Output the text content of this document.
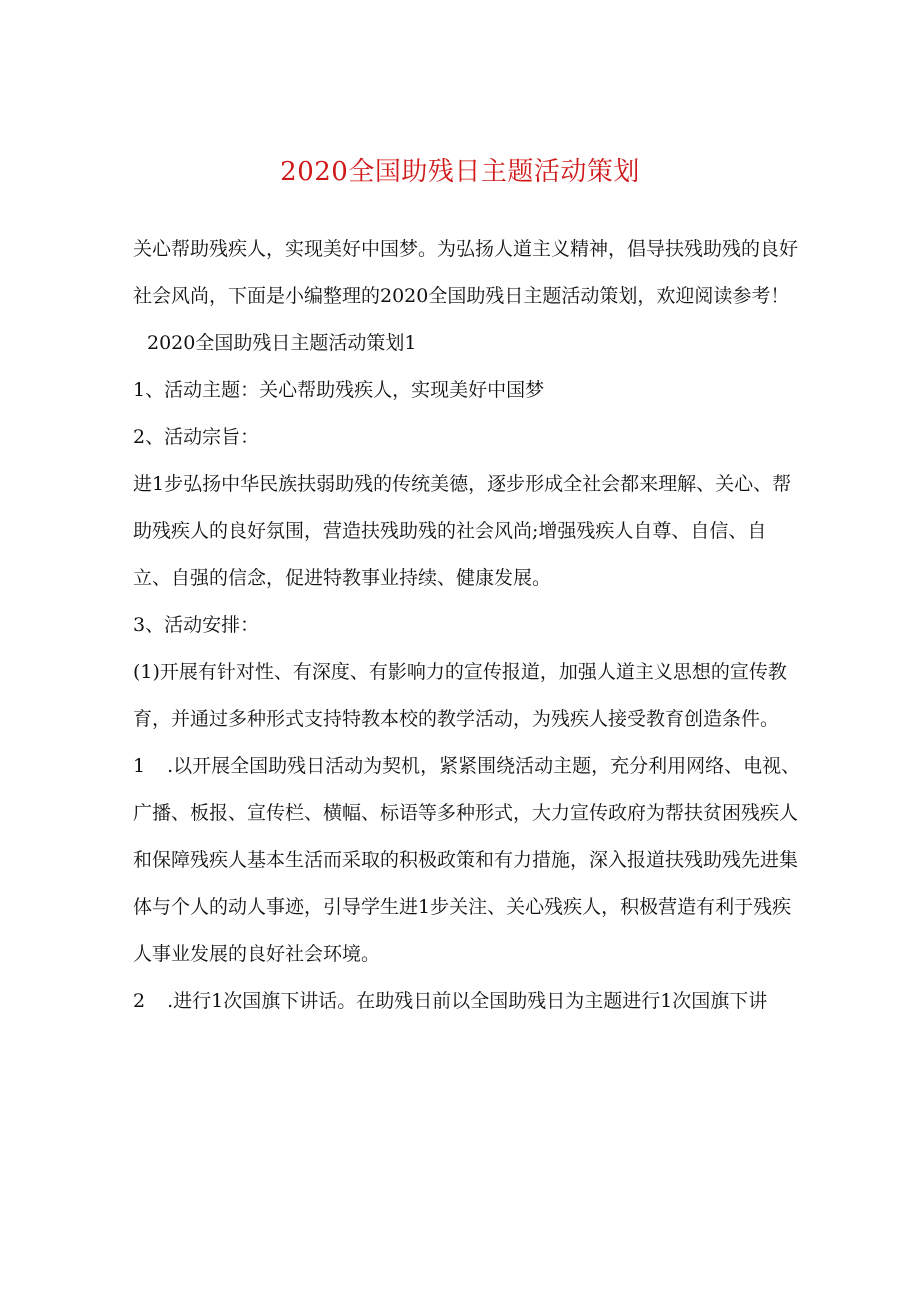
2020全国助残日主题活动策划

关心帮助残疾人，实现美好中国梦。为弘扬人道主义精神，倡导扶残助残的良好社会风尚，下面是小编整理的2020全国助残日主题活动策划，欢迎阅读参考！

2020全国助残日主题活动策划1

1、活动主题：关心帮助残疾人，实现美好中国梦

2、活动宗旨：

进1步弘扬中华民族扶弱助残的传统美德，逐步形成全社会都来理解、关心、帮助残疾人的良好氛围，营造扶残助残的社会风尚;增强残疾人自尊、自信、自立、自强的信念，促进特教事业持续、健康发展。

3、活动安排：

(1)开展有针对性、有深度、有影响力的宣传报道，加强人道主义思想的宣传教育，并通过多种形式支持特教本校的教学活动，为残疾人接受教育创造条件。

1 .以开展全国助残日活动为契机，紧紧围绕活动主题，充分利用网络、电视、广播、板报、宣传栏、横幅、标语等多种形式，大力宣传政府为帮扶贫困残疾人和保障残疾人基本生活而采取的积极政策和有力措施，深入报道扶残助残先进集体与个人的动人事迹，引导学生进1步关注、关心残疾人，积极营造有利于残疾人事业发展的良好社会环境。

2 .进行1次国旗下讲话。在助残日前以全国助残日为主题进行1次国旗下讲
